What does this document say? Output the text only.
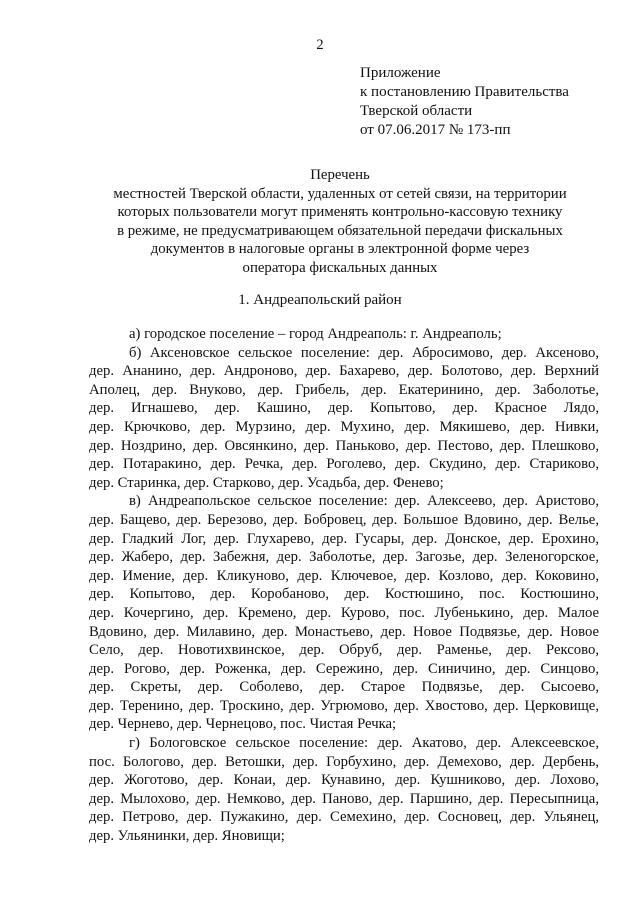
2
Приложение
к постановлению Правительства
Тверской области
от 07.06.2017 № 173-пп
Перечень
местностей Тверской области, удаленных от сетей связи, на территории
которых пользователи могут применять контрольно-кассовую технику
в режиме, не предусматривающем обязательной передачи фискальных
документов в налоговые органы в электронной форме через
оператора фискальных данных
1. Андреапольский район
а) городское поселение – город Андреаполь: г. Андреаполь;
б) Аксеновское сельское поселение: дер. Абросимово, дер. Аксеново,
дер. Ананино, дер. Андроново, дер. Бахарево, дер. Болотово, дер. Верхний
Аполец, дер. Внуково, дер. Грибель, дер. Екатеринино, дер. Заболотье,
дер. Игнашево, дер. Кашино, дер. Копытово, дер. Красное Лядо,
дер. Крючково, дер. Мурзино, дер. Мухино, дер. Мякишево, дер. Нивки,
дер. Ноздрино, дер. Овсянкино, дер. Паньково, дер. Пестово, дер. Плешково,
дер. Потаракино, дер. Речка, дер. Роголево, дер. Скудино, дер. Стариково,
дер. Старинка, дер. Старково, дер. Усадьба, дер. Фенево;
в) Андреапольское сельское поселение: дер. Алексеево, дер. Аристово,
дер. Бащево, дер. Березово, дер. Бобровец, дер. Большое Вдовино, дер. Велье,
дер. Гладкий Лог, дер. Глухарево, дер. Гусары, дер. Донское, дер. Ерохино,
дер. Жаберо, дер. Забежня, дер. Заболотье, дер. Загозье, дер. Зеленогорское,
дер. Имение, дер. Кликуново, дер. Ключевое, дер. Козлово, дер. Коковино,
дер. Копытово, дер. Коробаново, дер. Костюшино, пос. Костюшино,
дер. Кочергино, дер. Кремено, дер. Курово, пос. Лубенькино, дер. Малое
Вдовино, дер. Милавино, дер. Монастьево, дер. Новое Подвязье, дер. Новое
Село, дер. Новотихвинское, дер. Обруб, дер. Раменье, дер. Рексово,
дер. Рогово, дер. Роженка, дер. Сережино, дер. Синичино, дер. Синцово,
дер. Скреты, дер. Соболево, дер. Старое Подвязье, дер. Сысоево,
дер. Теренино, дер. Троскино, дер. Угрюмово, дер. Хвостово, дер. Церковище,
дер. Чернево, дер. Чернецово, пос. Чистая Речка;
г) Бологовское сельское поселение: дер. Акатово, дер. Алексеевское,
пос. Бологово, дер. Ветошки, дер. Горбухино, дер. Демехово, дер. Дербень,
дер. Жоготово, дер. Конаи, дер. Кунавино, дер. Кушниково, дер. Лохово,
дер. Мылохово, дер. Немково, дер. Паново, дер. Паршино, дер. Пересыпница,
дер. Петрово, дер. Пужакино, дер. Семехино, дер. Сосновец, дер. Ульянец,
дер. Ульянинки, дер. Яновищи;
